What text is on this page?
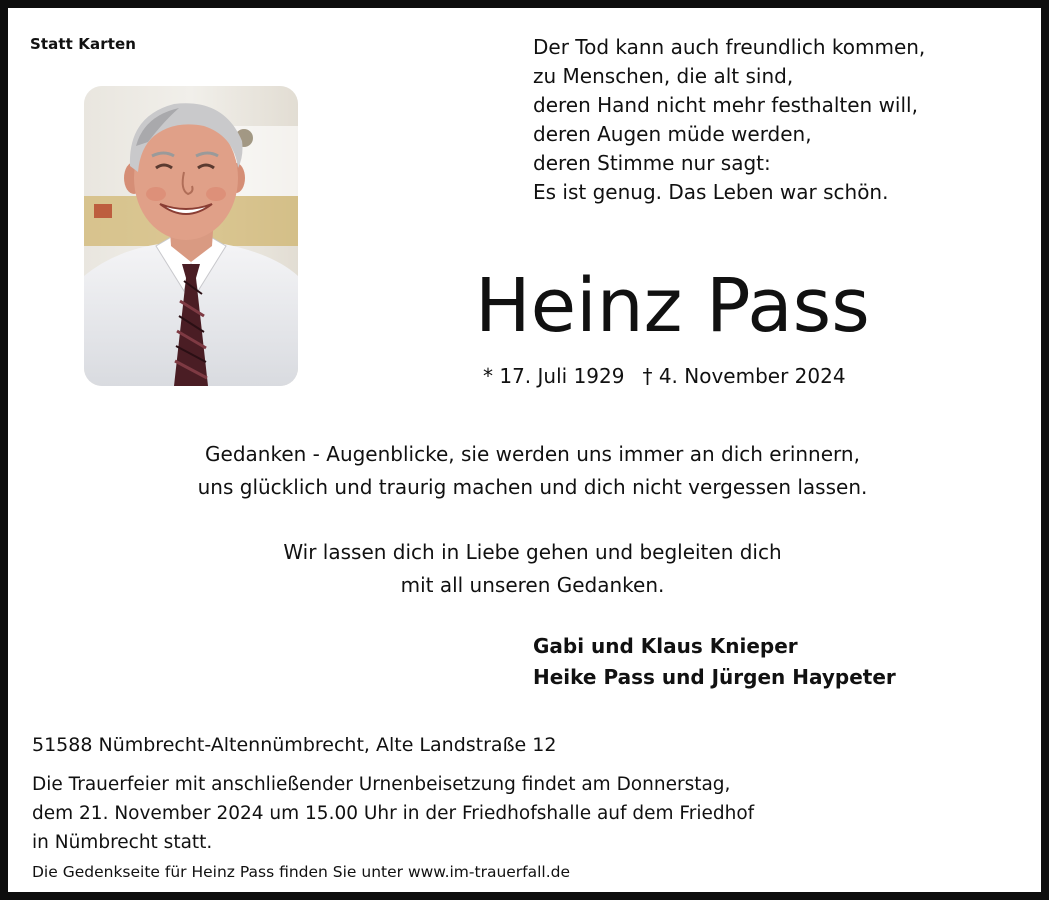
Statt Karten	Der Tod kann auch freundlich kommen,
zu Menschen, die alt sind,
deren Hand nicht mehr festhalten will,
deren Augen müde werden,
deren Stimme nur sagt:
Es ist genug. Das Leben war schön.
Heinz Pass
* 17. Juli 1929 † 4. November 2024
Gedanken - Augenblicke, sie werden uns immer an dich erinnern,
uns glücklich und traurig machen und dich nicht vergessen lassen.
Wir lassen dich in Liebe gehen und begleiten dich
mit all unseren Gedanken.
Gabi und Klaus Knieper
Heike Pass und Jürgen Haypeter
51588 Nümbrecht-Altennümbrecht, Alte Landstraße 12
Die Trauerfeier mit anschließender Urnenbeisetzung findet am Donnerstag,
dem 21. November 2024 um 15.00 Uhr in der Friedhofshalle auf dem Friedhof
in Nümbrecht statt.
Die Gedenkseite für Heinz Pass finden Sie unter www.im-trauerfall.de
